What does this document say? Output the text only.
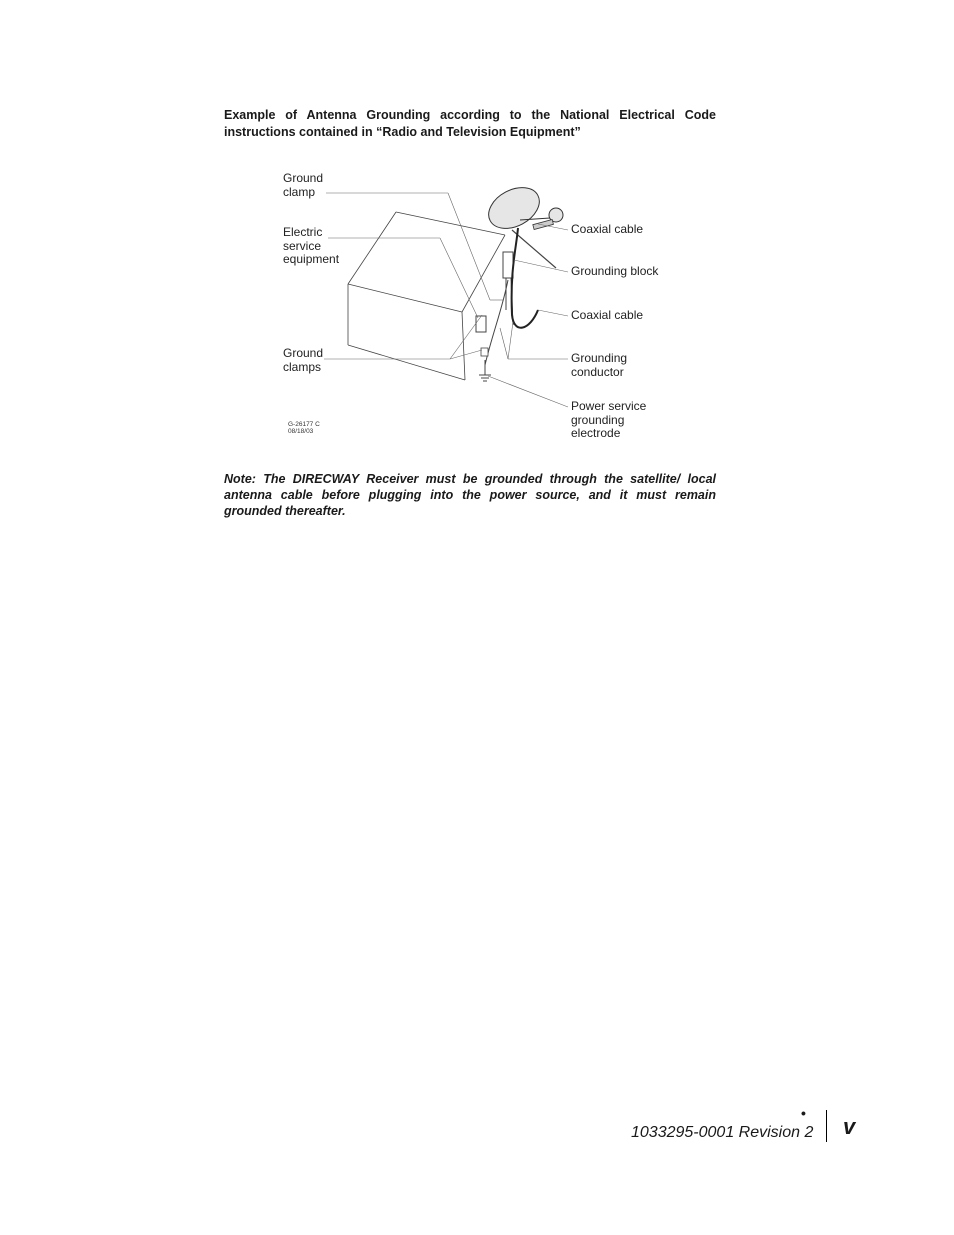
Example of Antenna Grounding according to the National Electrical Code
instructions contained in “Radio and Television Equipment”
Ground
clamp
Electric
service
equipment
Ground
clamps
Coaxial cable
Grounding block
Coaxial cable
Grounding
conductor
Power service
grounding
electrode
G-26177 C
08/18/03
Note: The DIRECWAY Receiver must be grounded through the satellite/ local antenna cable before plugging into the power source, and it must remain grounded thereafter.
•
1033295-0001 Revision 2 v
